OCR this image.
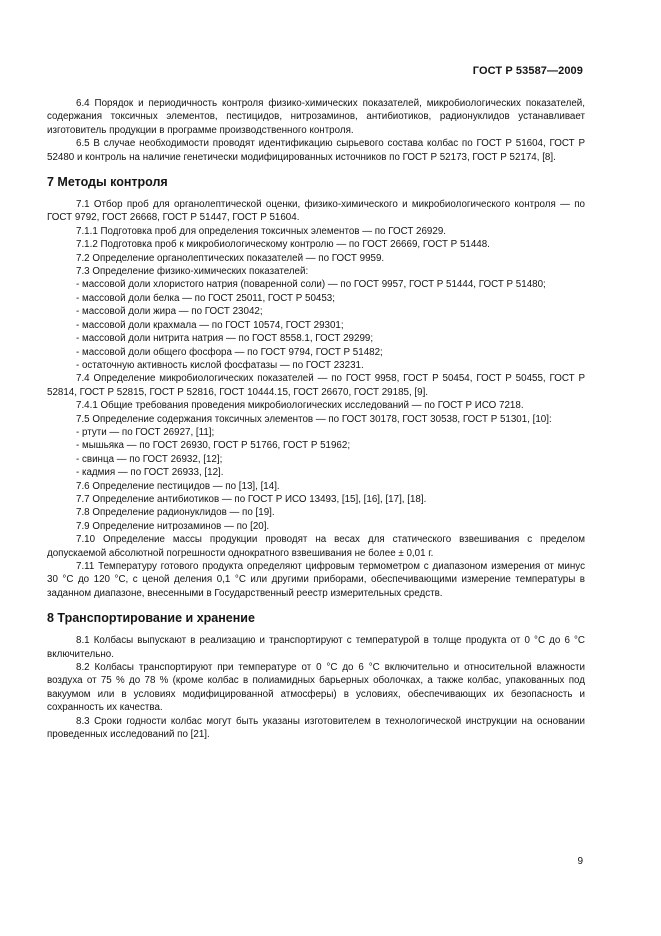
ГОСТ Р 53587—2009

6.4 Порядок и периодичность контроля физико-химических показателей, микробиологических показателей, содержания токсичных элементов, пестицидов, нитрозаминов, антибиотиков, радионуклидов устанавливает изготовитель продукции в программе производственного контроля.

6.5 В случае необходимости проводят идентификацию сырьевого состава колбас по ГОСТ Р 51604, ГОСТ Р 52480 и контроль на наличие генетически модифицированных источников по ГОСТ Р 52173, ГОСТ Р 52174, [8].

7 Методы контроля

7.1 Отбор проб для органолептической оценки, физико-химического и микробиологического контроля — по ГОСТ 9792, ГОСТ 26668, ГОСТ Р 51447, ГОСТ Р 51604.

7.1.1 Подготовка проб для определения токсичных элементов — по ГОСТ 26929.

7.1.2 Подготовка проб к микробиологическому контролю — по ГОСТ 26669, ГОСТ Р 51448.

7.2 Определение органолептических показателей — по ГОСТ 9959.

7.3 Определение физико-химических показателей:

- массовой доли хлористого натрия (поваренной соли) — по ГОСТ 9957, ГОСТ Р 51444, ГОСТ Р 51480;

- массовой доли белка — по ГОСТ 25011, ГОСТ Р 50453;

- массовой доли жира — по ГОСТ 23042;

- массовой доли крахмала — по ГОСТ 10574, ГОСТ 29301;

- массовой доли нитрита натрия — по ГОСТ 8558.1, ГОСТ 29299;

- массовой доли общего фосфора — по ГОСТ 9794, ГОСТ Р 51482;

- остаточную активность кислой фосфатазы — по ГОСТ 23231.

7.4 Определение микробиологических показателей — по ГОСТ 9958, ГОСТ Р 50454, ГОСТ Р 50455, ГОСТ Р 52814, ГОСТ Р 52815, ГОСТ Р 52816, ГОСТ 10444.15, ГОСТ 26670, ГОСТ 29185, [9].

7.4.1 Общие требования проведения микробиологических исследований — по ГОСТ Р ИСО 7218.

7.5 Определение содержания токсичных элементов — по ГОСТ 30178, ГОСТ 30538, ГОСТ Р 51301, [10]:

- ртути — по ГОСТ 26927, [11];

- мышьяка — по ГОСТ 26930, ГОСТ Р 51766, ГОСТ Р 51962;

- свинца — по ГОСТ 26932, [12];

- кадмия — по ГОСТ 26933, [12].

7.6 Определение пестицидов — по [13], [14].

7.7 Определение антибиотиков — по ГОСТ Р ИСО 13493, [15], [16], [17], [18].

7.8 Определение радионуклидов — по [19].

7.9 Определение нитрозаминов — по [20].

7.10 Определение массы продукции проводят на весах для статического взвешивания с пределом допускаемой абсолютной погрешности однократного взвешивания не более ± 0,01 г.

7.11 Температуру готового продукта определяют цифровым термометром с диапазоном измерения от минус 30 °С до 120 °С, с ценой деления 0,1 °С или другими приборами, обеспечивающими измерение температуры в заданном диапазоне, внесенными в Государственный реестр измерительных средств.

8 Транспортирование и хранение

8.1 Колбасы выпускают в реализацию и транспортируют с температурой в толще продукта от 0 °С до 6 °С включительно.

8.2 Колбасы транспортируют при температуре от 0 °С до 6 °С включительно и относительной влажности воздуха от 75 % до 78 % (кроме колбас в полиамидных барьерных оболочках, а также колбас, упакованных под вакуумом или в условиях модифицированной атмосферы) в условиях, обеспечивающих их безопасность и сохранность их качества.

8.3 Сроки годности колбас могут быть указаны изготовителем в технологической инструкции на основании проведенных исследований по [21].

9
